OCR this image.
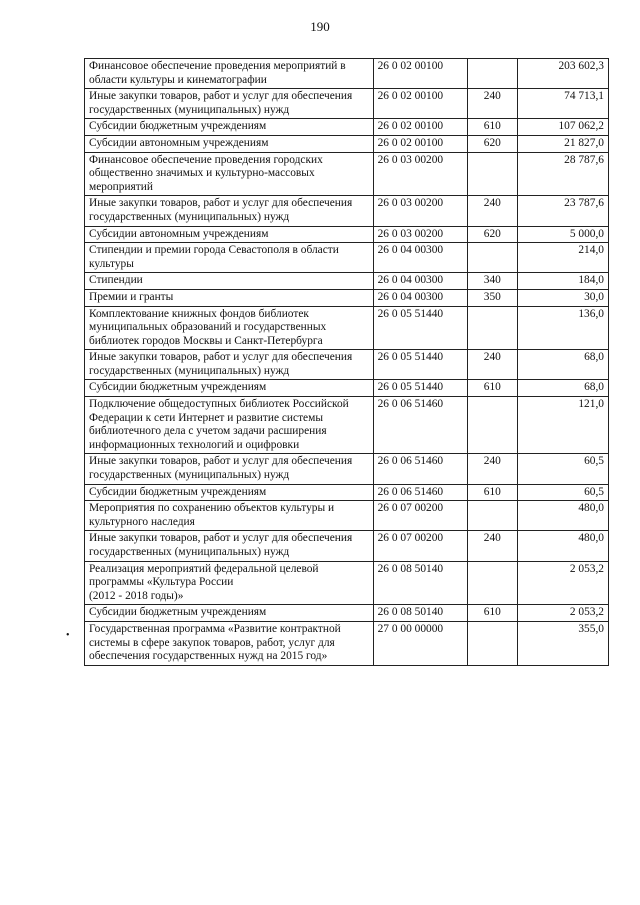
190
Финансовое обеспечение проведения мероприятий в области культуры и кинематографии	26 0 02 00100		203 602,3
Иные закупки товаров, работ и услуг для обеспечения государственных (муниципальных) нужд	26 0 02 00100	240	74 713,1
Субсидии бюджетным учреждениям	26 0 02 00100	610	107 062,2
Субсидии автономным учреждениям	26 0 02 00100	620	21 827,0
Финансовое обеспечение проведения городских общественно значимых и культурно-массовых мероприятий	26 0 03 00200		28 787,6
Иные закупки товаров, работ и услуг для обеспечения государственных (муниципальных) нужд	26 0 03 00200	240	23 787,6
Субсидии автономным учреждениям	26 0 03 00200	620	5 000,0
Стипендии и премии города Севастополя в области культуры	26 0 04 00300		214,0
Стипендии	26 0 04 00300	340	184,0
Премии и гранты	26 0 04 00300	350	30,0
Комплектование книжных фондов библиотек муниципальных образований и государственных библиотек городов Москвы и Санкт-Петербурга	26 0 05 51440		136,0
Иные закупки товаров, работ и услуг для обеспечения государственных (муниципальных) нужд	26 0 05 51440	240	68,0
Субсидии бюджетным учреждениям	26 0 05 51440	610	68,0
Подключение общедоступных библиотек Российской Федерации к сети Интернет и развитие системы библиотечного дела с учетом задачи расширения информационных технологий и оцифровки	26 0 06 51460		121,0
Иные закупки товаров, работ и услуг для обеспечения государственных (муниципальных) нужд	26 0 06 51460	240	60,5
Субсидии бюджетным учреждениям	26 0 06 51460	610	60,5
Мероприятия по сохранению объектов культуры и культурного наследия	26 0 07 00200		480,0
Иные закупки товаров, работ и услуг для обеспечения государственных (муниципальных) нужд	26 0 07 00200	240	480,0
Реализация мероприятий федеральной целевой программы «Культура России
(2012 - 2018 годы)»	26 0 08 50140		2 053,2
Субсидии бюджетным учреждениям	26 0 08 50140	610	2 053,2
Государственная программа «Развитие контрактной системы в сфере закупок товаров, работ, услуг для обеспечения государственных нужд на 2015 год»	27 0 00 00000		355,0
•
